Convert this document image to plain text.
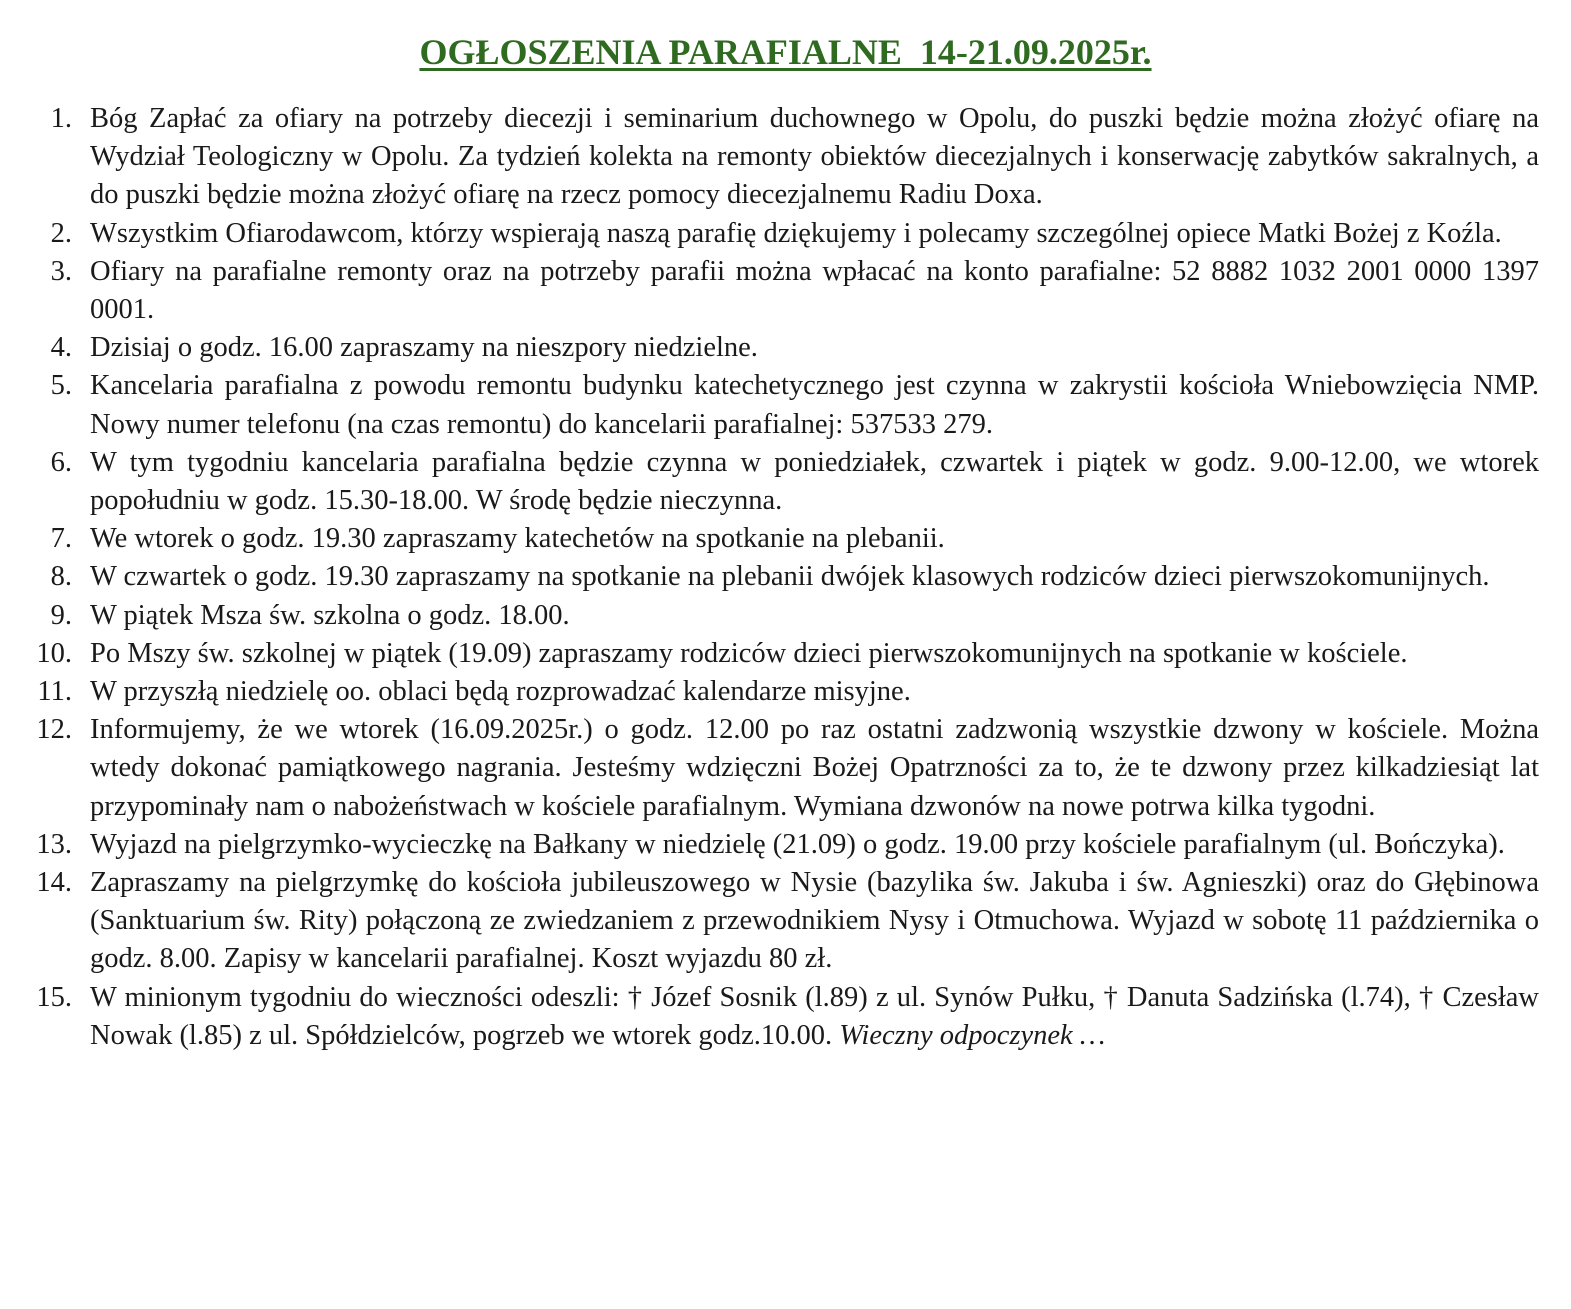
OGŁOSZENIA PARAFIALNE  14-21.09.2025r.
1. Bóg Zapłać za ofiary na potrzeby diecezji i seminarium duchownego w Opolu, do puszki będzie można złożyć ofiarę na Wydział Teologiczny w Opolu. Za tydzień kolekta na remonty obiektów diecezjalnych i konserwację zabytków sakralnych, a do puszki będzie można złożyć ofiarę na rzecz pomocy diecezjalnemu Radiu Doxa.
2. Wszystkim Ofiarodawcom, którzy wspierają naszą parafię dziękujemy i polecamy szczególnej opiece Matki Bożej z Koźla.
3. Ofiary na parafialne remonty oraz na potrzeby parafii można wpłacać na konto parafialne: 52 8882 1032 2001 0000 1397 0001.
4. Dzisiaj o godz. 16.00 zapraszamy na nieszpory niedzielne.
5. Kancelaria parafialna z powodu remontu budynku katechetycznego jest czynna w zakrystii kościoła Wniebowzięcia NMP. Nowy numer telefonu (na czas remontu) do kancelarii parafialnej: 537533 279.
6. W tym tygodniu kancelaria parafialna będzie czynna w poniedziałek, czwartek i piątek w godz. 9.00-12.00, we wtorek popołudniu w godz. 15.30-18.00. W środę będzie nieczynna.
7. We wtorek o godz. 19.30 zapraszamy katechetów na spotkanie na plebanii.
8. W czwartek o godz. 19.30 zapraszamy na spotkanie na plebanii dwójek klasowych rodziców dzieci pierwszokomunijnych.
9. W piątek Msza św. szkolna o godz. 18.00.
10. Po Mszy św. szkolnej w piątek (19.09) zapraszamy rodziców dzieci pierwszokomunijnych na spotkanie w kościele.
11. W przyszłą niedzielę oo. oblaci będą rozprowadzać kalendarze misyjne.
12. Informujemy, że we wtorek (16.09.2025r.) o godz. 12.00 po raz ostatni zadzwonią wszystkie dzwony w kościele. Można wtedy dokonać pamiątkowego nagrania. Jesteśmy wdzięczni Bożej Opatrzności za to, że te dzwony przez kilkadziesiąt lat przypominały nam o nabożeństwach w kościele parafialnym. Wymiana dzwonów na nowe potrwa kilka tygodni.
13. Wyjazd na pielgrzymko-wycieczkę na Bałkany w niedzielę (21.09) o godz. 19.00 przy kościele parafialnym (ul. Bończyka).
14. Zapraszamy na pielgrzymkę do kościoła jubileuszowego w Nysie (bazylika św. Jakuba i św. Agnieszki) oraz do Głębinowa (Sanktuarium św. Rity) połączoną ze zwiedzaniem z przewodnikiem Nysy i Otmuchowa. Wyjazd w sobotę 11 października o godz. 8.00. Zapisy w kancelarii parafialnej. Koszt wyjazdu 80 zł.
15. W minionym tygodniu do wieczności odeszli: † Józef Sosnik (l.89) z ul. Synów Pułku, † Danuta Sadzińska (l.74), † Czesław Nowak (l.85) z ul. Spółdzielców, pogrzeb we wtorek godz.10.00. Wieczny odpoczynek …
